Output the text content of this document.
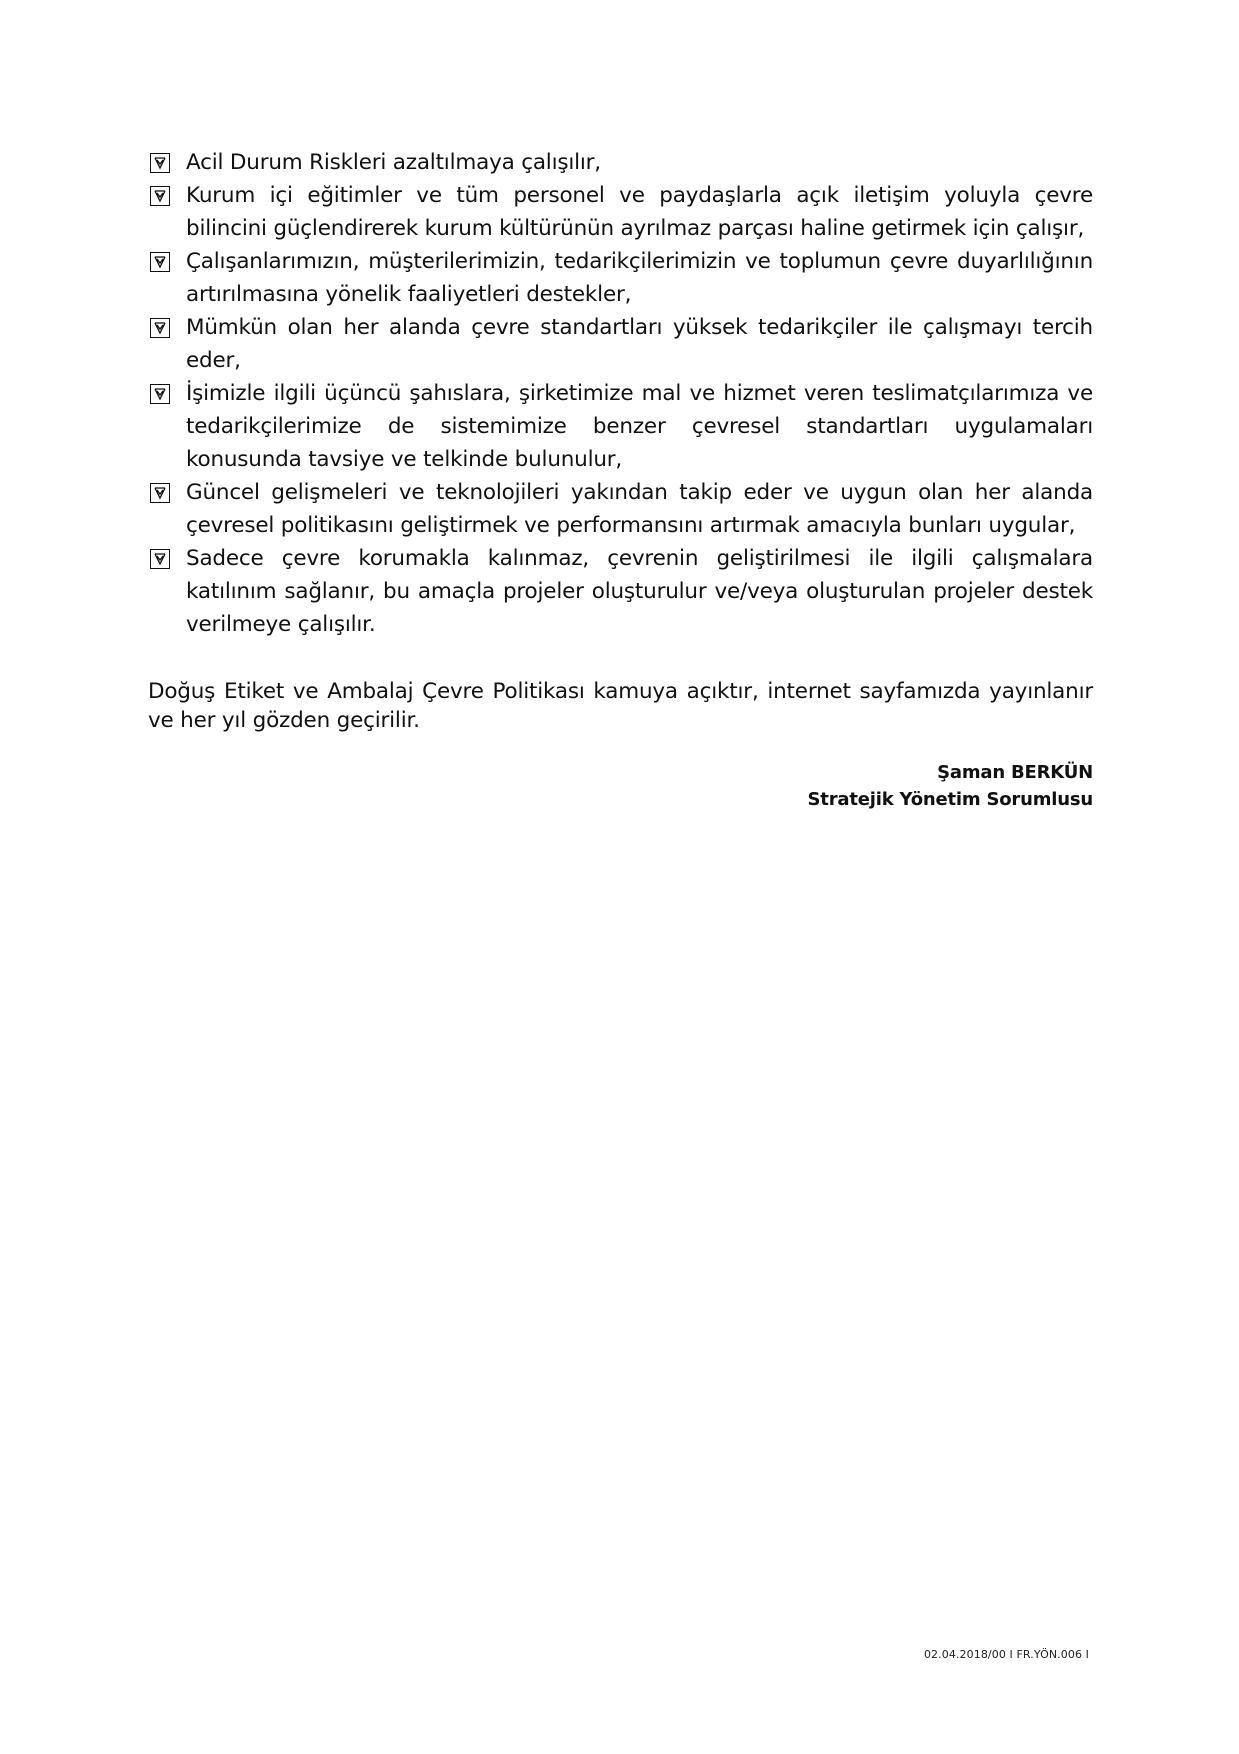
Acil Durum Riskleri azaltılmaya çalışılır,
Kurum içi eğitimler ve tüm personel ve paydaşlarla açık iletişim yoluyla çevre bilincini güçlendirerek kurum kültürünün ayrılmaz parçası haline getirmek için çalışır,
Çalışanlarımızın, müşterilerimizin, tedarikçilerimizin ve toplumun çevre duyarlılığının artırılmasına yönelik faaliyetleri destekler,
Mümkün olan her alanda çevre standartları yüksek tedarikçiler ile çalışmayı tercih eder,
İşimizle ilgili üçüncü şahıslara, şirketimize mal ve hizmet veren teslimatçılarımıza ve tedarikçilerimize de sistemimize benzer çevresel standartları uygulamaları konusunda tavsiye ve telkinde bulunulur,
Güncel gelişmeleri ve teknolojileri yakından takip eder ve uygun olan her alanda çevresel politikasını geliştirmek ve performansını artırmak amacıyla bunları uygular,
Sadece çevre korumakla kalınmaz, çevrenin geliştirilmesi ile ilgili çalışmalara katılınım sağlanır, bu amaçla projeler oluşturulur ve/veya oluşturulan projeler destek verilmeye çalışılır.

Doğuş Etiket ve Ambalaj Çevre Politikası kamuya açıktır, internet sayfamızda yayınlanır ve her yıl gözden geçirilir.

Şaman BERKÜN
Stratejik Yönetim Sorumlusu
02.04.2018/00 I FR.YÖN.006 I
